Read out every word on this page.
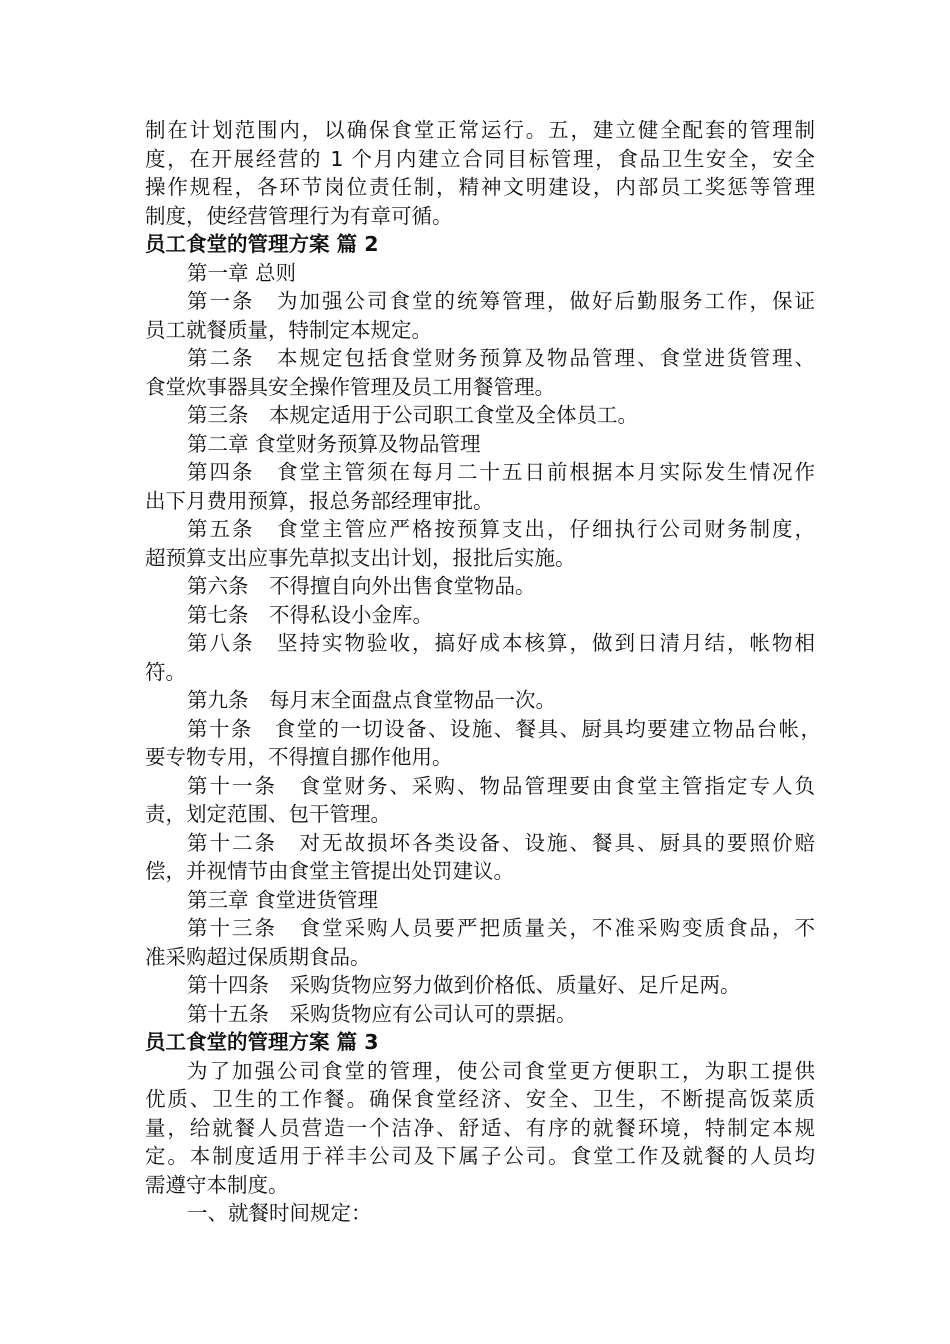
制在计划范围内，以确保食堂正常运行。五，建立健全配套的管理制
度，在开展经营的 1 个月内建立合同目标管理，食品卫生安全，安全
操作规程，各环节岗位责任制，精神文明建设，内部员工奖惩等管理
制度，使经营管理行为有章可循。
员工食堂的管理方案 篇 2
第一章 总则
第一条　为加强公司食堂的统筹管理，做好后勤服务工作，保证
员工就餐质量，特制定本规定。
第二条　本规定包括食堂财务预算及物品管理、食堂进货管理、
食堂炊事器具安全操作管理及员工用餐管理。
第三条　本规定适用于公司职工食堂及全体员工。
第二章 食堂财务预算及物品管理
第四条　食堂主管须在每月二十五日前根据本月实际发生情况作
出下月费用预算，报总务部经理审批。
第五条　食堂主管应严格按预算支出，仔细执行公司财务制度，
超预算支出应事先草拟支出计划，报批后实施。
第六条　不得擅自向外出售食堂物品。
第七条　不得私设小金库。
第八条　坚持实物验收，搞好成本核算，做到日清月结，帐物相
符。
第九条　每月末全面盘点食堂物品一次。
第十条　食堂的一切设备、设施、餐具、厨具均要建立物品台帐，
要专物专用，不得擅自挪作他用。
第十一条　食堂财务、采购、物品管理要由食堂主管指定专人负
责，划定范围、包干管理。
第十二条　对无故损坏各类设备、设施、餐具、厨具的要照价赔
偿，并视情节由食堂主管提出处罚建议。
第三章 食堂进货管理
第十三条　食堂采购人员要严把质量关，不准采购变质食品，不
准采购超过保质期食品。
第十四条　采购货物应努力做到价格低、质量好、足斤足两。
第十五条　采购货物应有公司认可的票据。
员工食堂的管理方案 篇 3
为了加强公司食堂的管理，使公司食堂更方便职工，为职工提供
优质、卫生的工作餐。确保食堂经济、安全、卫生，不断提高饭菜质
量，给就餐人员营造一个洁净、舒适、有序的就餐环境，特制定本规
定。本制度适用于祥丰公司及下属子公司。食堂工作及就餐的人员均
需遵守本制度。
一、就餐时间规定：
